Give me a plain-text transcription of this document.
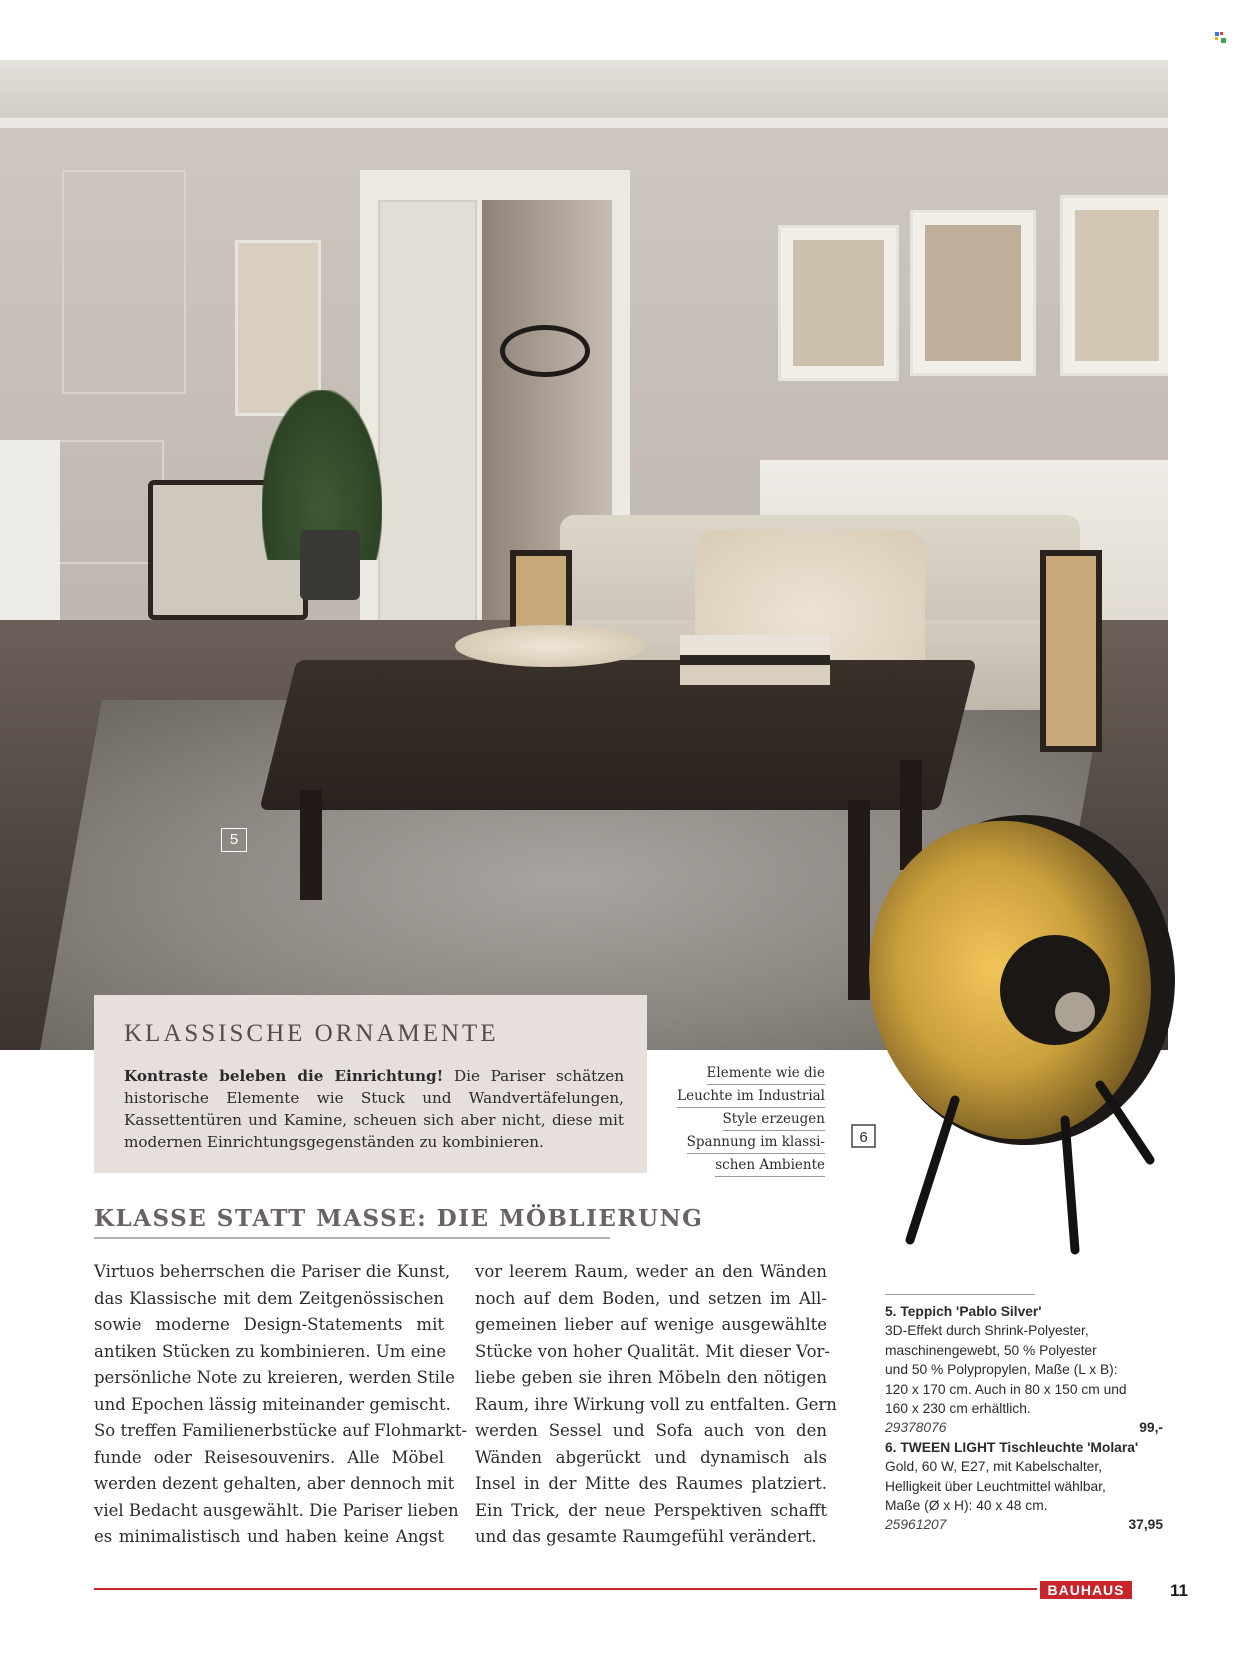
5
6
KLASSISCHE ORNAMENTE
Kontraste beleben die Einrichtung! Die Pariser schätzen historische Elemente wie Stuck und Wandvertäfelungen, Kassettentüren und Kamine, scheuen sich aber nicht, diese mit modernen Einrichtungsgegenständen zu kombinieren.
Elemente wie die
Leuchte im Industrial
Style erzeugen
Spannung im klassi-
schen Ambiente
KLASSE STATT MASSE: DIE MÖBLIERUNG
Virtuos beherrschen die Pariser die Kunst,
das Klassische mit dem Zeitgenössischen
sowie moderne Design-Statements mit
antiken Stücken zu kombinieren. Um eine
persönliche Note zu kreieren, werden Stile
und Epochen lässig miteinander gemischt.
So treffen Familienerbstücke auf Flohmarkt-
funde oder Reisesouvenirs. Alle Möbel
werden dezent gehalten, aber dennoch mit
viel Bedacht ausgewählt. Die Pariser lieben
es minimalistisch und haben keine Angst
vor leerem Raum, weder an den Wänden
noch auf dem Boden, und setzen im All-
gemeinen lieber auf wenige ausgewählte
Stücke von hoher Qualität. Mit dieser Vor-
liebe geben sie ihren Möbeln den nötigen
Raum, ihre Wirkung voll zu entfalten. Gern
werden Sessel und Sofa auch von den
Wänden abgerückt und dynamisch als
Insel in der Mitte des Raumes platziert.
Ein Trick, der neue Perspektiven schafft
und das gesamte Raumgefühl verändert.
5. Teppich 'Pablo Silver'
3D-Effekt durch Shrink-Polyester,
maschinengewebt, 50 % Polyester
und 50 % Polypropylen, Maße (L x B):
120 x 170 cm. Auch in 80 x 150 cm und
160 x 230 cm erhältlich.
29378076	99,-
6. TWEEN LIGHT Tischleuchte 'Molara'
Gold, 60 W, E27, mit Kabelschalter,
Helligkeit über Leuchtmittel wählbar,
Maße (Ø x H): 40 x 48 cm.
25961207	37,95
BAUHAUS	11
